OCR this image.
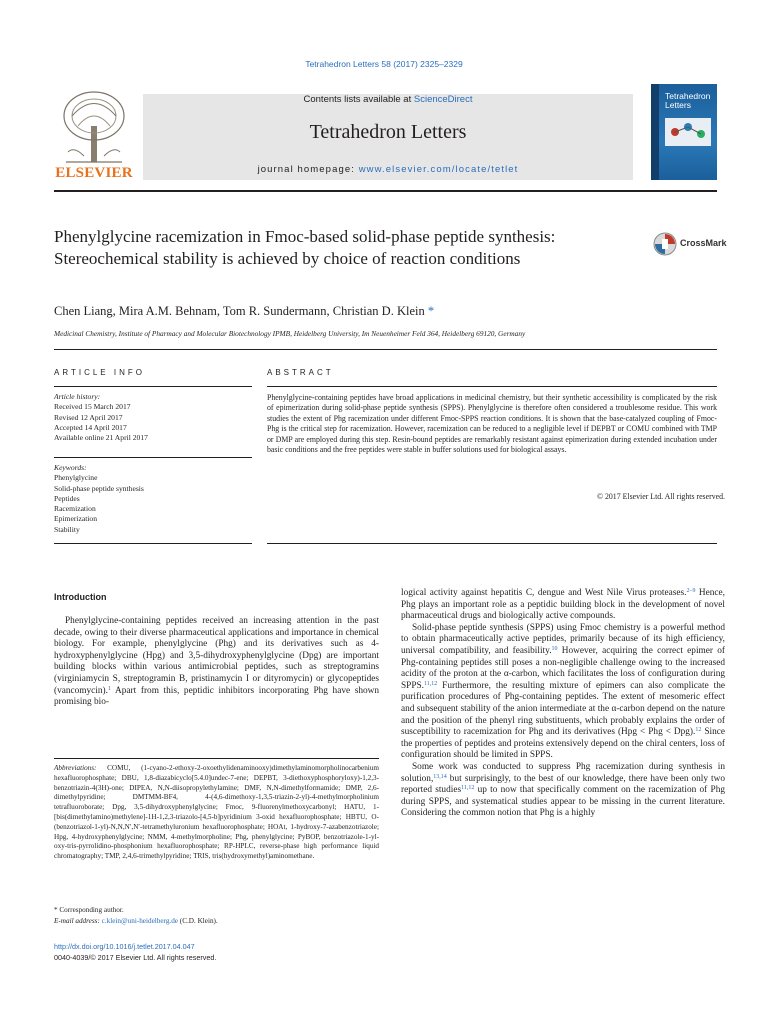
Tetrahedron Letters 58 (2017) 2325–2329
ELSEVIER
Contents lists available at ScienceDirect
Tetrahedron Letters
journal homepage: www.elsevier.com/locate/tetlet
Tetrahedron
Letters
Phenylglycine racemization in Fmoc-based solid-phase peptide synthesis: Stereochemical stability is achieved by choice of reaction conditions
CrossMark
Chen Liang, Mira A.M. Behnam, Tom R. Sundermann, Christian D. Klein *
Medicinal Chemistry, Institute of Pharmacy and Molecular Biotechnology IPMB, Heidelberg University, Im Neuenheimer Feld 364, Heidelberg 69120, Germany
ARTICLE INFO	ABSTRACT
Article history:
Received 15 March 2017
Revised 12 April 2017
Accepted 14 April 2017
Available online 21 April 2017
Keywords:
Phenylglycine
Solid-phase peptide synthesis
Peptides
Racemization
Epimerization
Stability
Phenylglycine-containing peptides have broad applications in medicinal chemistry, but their synthetic accessibility is complicated by the risk of epimerization during solid-phase peptide synthesis (SPPS). Phenylglycine is therefore often considered a troublesome residue. This work studies the extent of Phg racemization under different Fmoc-SPPS reaction conditions. It is shown that the base-catalyzed coupling of Fmoc-Phg is the critical step for racemization. However, racemization can be reduced to a negligible level if DEPBT or COMU combined with TMP or DMP are employed during this step. Resin-bound peptides are remarkably resistant against epimerization during extended incubation under basic conditions and the free peptides were stable in buffer solutions used for biological assays.
© 2017 Elsevier Ltd. All rights reserved.
Introduction

Phenylglycine-containing peptides received an increasing attention in the past decade, owing to their diverse pharmaceutical applications and importance in chemical biology. For example, phenylglycine (Phg) and its derivatives such as 4-hydroxyphenylglycine (Hpg) and 3,5-dihydroxyphenylglycine (Dpg) are important building blocks within various antimicrobial peptides, such as streptogramins (virginiamycin S, streptogramin B, pristinamycin I or dityromycin) or glycopeptides (vancomycin).$^1$ Apart from this, peptidic inhibitors incorporating Phg have shown promising bio-

logical activity against hepatitis C, dengue and West Nile Virus proteases.$^{2-9}$ Hence, Phg plays an important role as a peptidic building block in the development of novel pharmaceutical drugs and biologically active compounds.

Solid-phase peptide synthesis (SPPS) using Fmoc chemistry is a powerful method to obtain pharmaceutically active peptides, primarily because of its high efficiency, universal compatibility, and feasibility.$^{10}$ However, acquiring the correct epimer of Phg-containing peptides still poses a non-negligible challenge owing to the increased acidity of the proton at the α-carbon, which facilitates the loss of configuration during SPPS.$^{11,12}$ Furthermore, the resulting mixture of epimers can also complicate the purification procedures of Phg-containing peptides. The extent of mesomeric effect and subsequent stability of the anion intermediate at the α-carbon depend on the nature and the position of the phenyl ring substituents, which probably explains the order of susceptibility to racemization for Phg and its derivatives (Hpg < Phg < Dpg).$^{12}$ Since the properties of peptides and proteins extensively depend on the chiral centers, loss of configuration should be limited in SPPS.

Some work was conducted to suppress Phg racemization during synthesis in solution,$^{13,14}$ but surprisingly, to the best of our knowledge, there have been only two reported studies$^{11,12}$ up to now that specifically comment on the racemization of Phg during SPPS, and systematical studies appear to be missing in the current literature. Considering the common notion that Phg is a highly

Abbreviations: COMU, (1-cyano-2-ethoxy-2-oxoethylidenaminooxy)dimethylaminomorpholinocarbenium hexafluorophosphate; DBU, 1,8-diazabicyclo[5.4.0]undec-7-ene; DEPBT, 3-diethoxyphosphoryloxy)-1,2,3-benzotriazin-4(3H)-one; DIPEA, N,N-diisopropylethylamine; DMF, N,N-dimethylformamide; DMP, 2,6-dimethylpyridine; DMTMM-BF4, 4-(4,6-dimethoxy-1,3,5-triazin-2-yl)-4-methylmorpholinium tetrafluoroborate; Dpg, 3,5-dihydroxyphenylglycine; Fmoc, 9-fluorenylmethoxycarbonyl; HATU, 1-[bis(dimethylamino)methylene]-1H-1,2,3-triazolo-[4,5-b]pyridinium 3-oxid hexafluorophosphate; HBTU, O-(benzotriazol-1-yl)-N,N,N′,N′-tetramethyluronium hexafluorophosphate; HOAt, 1-hydroxy-7-azabenzotriazole; Hpg, 4-hydroxyphenylglycine; NMM, 4-methylmorpholine; Phg, phenylglycine; PyBOP, benzotriazole-1-yl-oxy-tris-pyrrolidino-phosphonium hexafluorophosphate; RP-HPLC, reverse-phase high performance liquid chromatography; TMP, 2,4,6-trimethylpyridine; TRIS, tris(hydroxymethyl)aminomethane.
* Corresponding author.
E-mail address: c.klein@uni-heidelberg.de (C.D. Klein).
http://dx.doi.org/10.1016/j.tetlet.2017.04.047
0040-4039/© 2017 Elsevier Ltd. All rights reserved.
